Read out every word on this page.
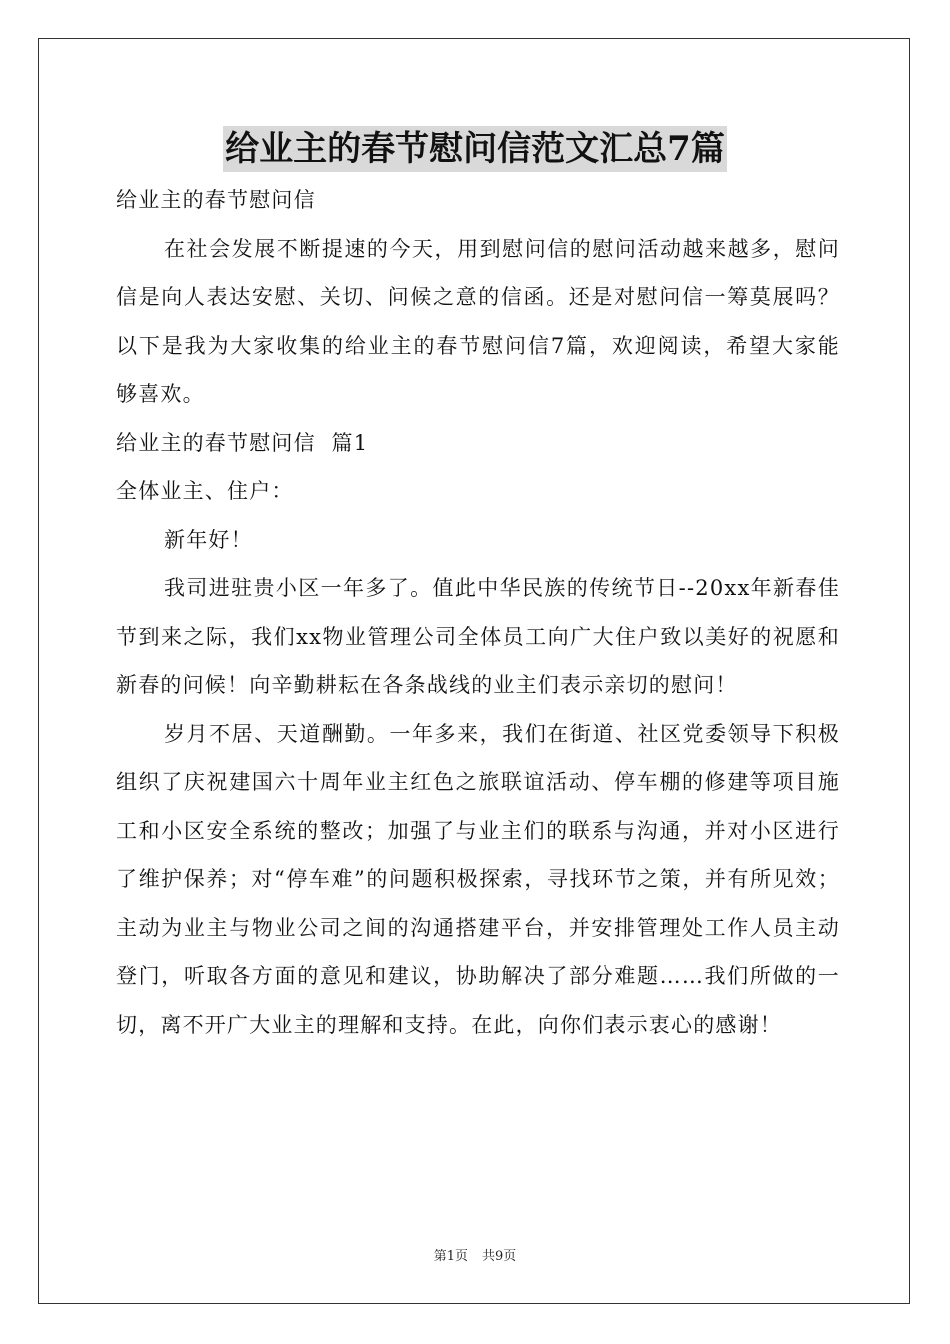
给业主的春节慰问信范文汇总7篇

给业主的春节慰问信

在社会发展不断提速的今天，用到慰问信的慰问活动越来越多，慰问信是向人表达安慰、关切、问候之意的信函。还是对慰问信一筹莫展吗？以下是我为大家收集的给业主的春节慰问信7篇，欢迎阅读，希望大家能够喜欢。

给业主的春节慰问信  篇1

全体业主、住户：

新年好！

我司进驻贵小区一年多了。值此中华民族的传统节日--20xx年新春佳节到来之际，我们xx物业管理公司全体员工向广大住户致以美好的祝愿和新春的问候！向辛勤耕耘在各条战线的业主们表示亲切的慰问！

岁月不居、天道酬勤。一年多来，我们在街道、社区党委领导下积极组织了庆祝建国六十周年业主红色之旅联谊活动、停车棚的修建等项目施工和小区安全系统的整改；加强了与业主们的联系与沟通，并对小区进行了维护保养；对“停车难”的问题积极探索，寻找环节之策，并有所见效；主动为业主与物业公司之间的沟通搭建平台，并安排管理处工作人员主动登门，听取各方面的意见和建议，协助解决了部分难题……我们所做的一切，离不开广大业主的理解和支持。在此，向你们表示衷心的感谢！

第1页 共9页
